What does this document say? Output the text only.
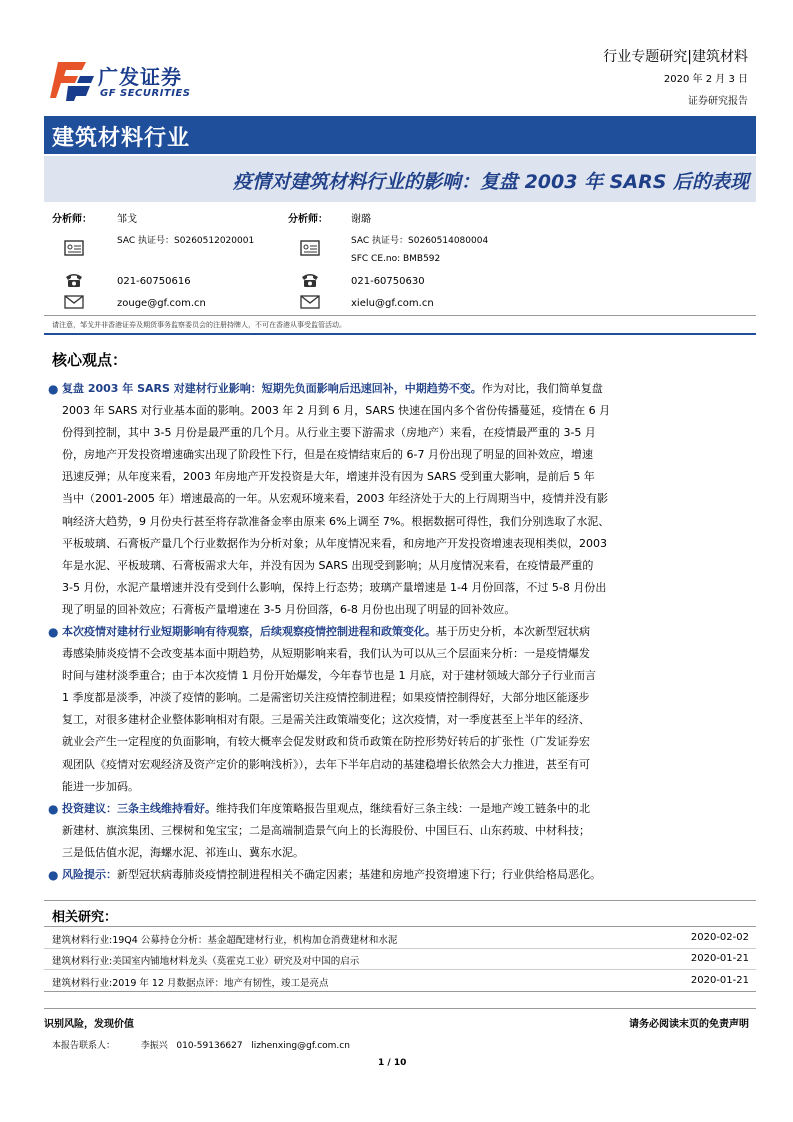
广发证券
GF SECURITIES
行业专题研究|建筑材料
2020 年 2 月 3 日
证券研究报告
建筑材料行业
疫情对建筑材料行业的影响：复盘 2003 年 SARS 后的表现
分析师：	邹戈
SAC 执证号：S0260512020001
021-60750616
zouge@gf.com.cn
分析师： 谢璐
SAC 执证号：S0260514080004
SFC CE.no: BMB592
021-60750630
xielu@gf.com.cn
请注意，邹戈并非香港证券及期货事务监察委员会的注册持牌人，不可在香港从事受监管活动。
核心观点：
● 复盘 2003 年 SARS 对建材行业影响：短期先负面影响后迅速回补，中期趋势不变。作为对比，我们简单复盘
2003 年 SARS 对行业基本面的影响。2003 年 2 月到 6 月，SARS 快速在国内多个省份传播蔓延，疫情在 6 月
份得到控制，其中 3-5 月份是最严重的几个月。从行业主要下游需求（房地产）来看，在疫情最严重的 3-5 月
份，房地产开发投资增速确实出现了阶段性下行，但是在疫情结束后的 6-7 月份出现了明显的回补效应，增速
迅速反弹；从年度来看，2003 年房地产开发投资是大年，增速并没有因为 SARS 受到重大影响，是前后 5 年
当中（2001-2005 年）增速最高的一年。从宏观环境来看，2003 年经济处于大的上行周期当中，疫情并没有影
响经济大趋势，9 月份央行甚至将存款准备金率由原来 6%上调至 7%。根据数据可得性，我们分别选取了水泥、
平板玻璃、石膏板产量几个行业数据作为分析对象；从年度情况来看，和房地产开发投资增速表现相类似，2003
年是水泥、平板玻璃、石膏板需求大年，并没有因为 SARS 出现受到影响；从月度情况来看，在疫情最严重的
3-5 月份，水泥产量增速并没有受到什么影响，保持上行态势；玻璃产量增速是 1-4 月份回落，不过 5-8 月份出
现了明显的回补效应；石膏板产量增速在 3-5 月份回落，6-8 月份也出现了明显的回补效应。
● 本次疫情对建材行业短期影响有待观察，后续观察疫情控制进程和政策变化。基于历史分析，本次新型冠状病
毒感染肺炎疫情不会改变基本面中期趋势，从短期影响来看，我们认为可以从三个层面来分析：一是疫情爆发
时间与建材淡季重合；由于本次疫情 1 月份开始爆发，今年春节也是 1 月底，对于建材领域大部分子行业而言
1 季度都是淡季，冲淡了疫情的影响。二是需密切关注疫情控制进程；如果疫情控制得好，大部分地区能逐步
复工，对很多建材企业整体影响相对有限。三是需关注政策端变化；这次疫情，对一季度甚至上半年的经济、
就业会产生一定程度的负面影响，有较大概率会促发财政和货币政策在防控形势好转后的扩张性（广发证券宏
观团队《疫情对宏观经济及资产定价的影响浅析》），去年下半年启动的基建稳增长依然会大力推进，甚至有可
能进一步加码。
● 投资建议：三条主线维持看好。维持我们年度策略报告里观点，继续看好三条主线：一是地产竣工链条中的北
新建材、旗滨集团、三棵树和兔宝宝；二是高端制造景气向上的长海股份、中国巨石、山东药玻、中材科技；
三是低估值水泥，海螺水泥、祁连山、冀东水泥。
● 风险提示：新型冠状病毒肺炎疫情控制进程相关不确定因素；基建和房地产投资增速下行；行业供给格局恶化。
相关研究：
建筑材料行业:19Q4 公募持仓分析：基金超配建材行业，机构加仓消费建材和水泥	2020-02-02
建筑材料行业:美国室内铺地材料龙头（莫霍克工业）研究及对中国的启示	2020-01-21
建筑材料行业:2019 年 12 月数据点评：地产有韧性，竣工是亮点	2020-01-21
识别风险，发现价值	请务必阅读末页的免责声明
本报告联系人：	李振兴 010-59136627 lizhenxing@gf.com.cn
1 / 10
